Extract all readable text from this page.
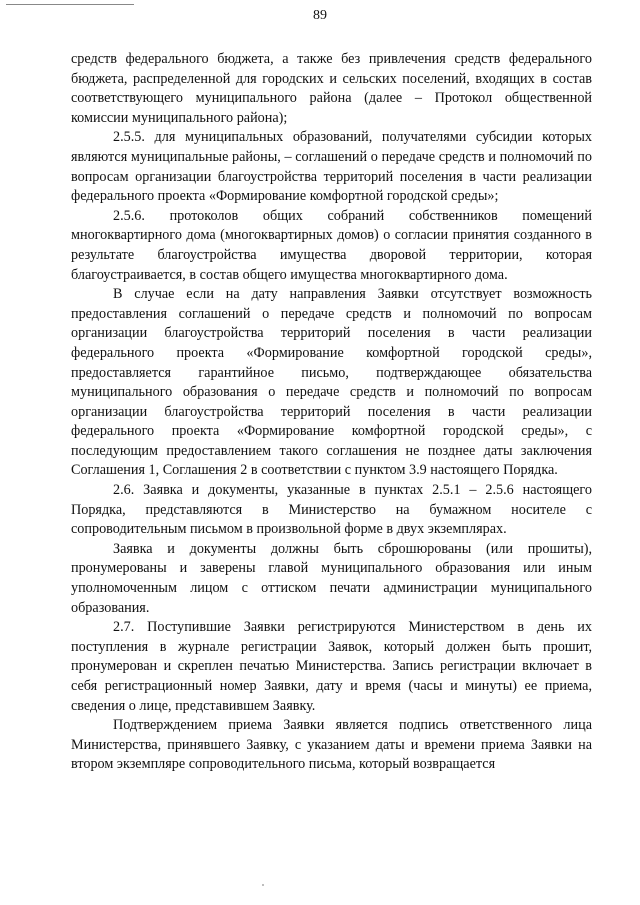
89

средств федерального бюджета, а также без привлечения средств федерального бюджета, распределенной для городских и сельских поселений, входящих в состав соответствующего муниципального района (далее – Протокол общественной комиссии муниципального района);

2.5.5. для муниципальных образований, получателями субсидии которых являются муниципальные районы, – соглашений о передаче средств и полномочий по вопросам организации благоустройства территорий поселения в части реализации федерального проекта «Формирование комфортной городской среды»;

2.5.6. протоколов общих собраний собственников помещений многоквартирного дома (многоквартирных домов) о согласии принятия созданного в результате благоустройства имущества дворовой территории, которая благоустраивается, в состав общего имущества многоквартирного дома.

В случае если на дату направления Заявки отсутствует возможность предоставления соглашений о передаче средств и полномочий по вопросам организации благоустройства территорий поселения в части реализации федерального проекта «Формирование комфортной городской среды», предоставляется гарантийное письмо, подтверждающее обязательства муниципального образования о передаче средств и полномочий по вопросам организации благоустройства территорий поселения в части реализации федерального проекта «Формирование комфортной городской среды», с последующим предоставлением такого соглашения не позднее даты заключения Соглашения 1, Соглашения 2 в соответствии с пунктом 3.9 настоящего Порядка.

2.6. Заявка и документы, указанные в пунктах 2.5.1 – 2.5.6 настоящего Порядка, представляются в Министерство на бумажном носителе с сопроводительным письмом в произвольной форме в двух экземплярах.

Заявка и документы должны быть сброшюрованы (или прошиты), пронумерованы и заверены главой муниципального образования или иным уполномоченным лицом с оттиском печати администрации муниципального образования.

2.7. Поступившие Заявки регистрируются Министерством в день их поступления в журнале регистрации Заявок, который должен быть прошит, пронумерован и скреплен печатью Министерства. Запись регистрации включает в себя регистрационный номер Заявки, дату и время (часы и минуты) ее приема, сведения о лице, представившем Заявку.

Подтверждением приема Заявки является подпись ответственного лица Министерства, принявшего Заявку, с указанием даты и времени приема Заявки на втором экземпляре сопроводительного письма, который возвращается
